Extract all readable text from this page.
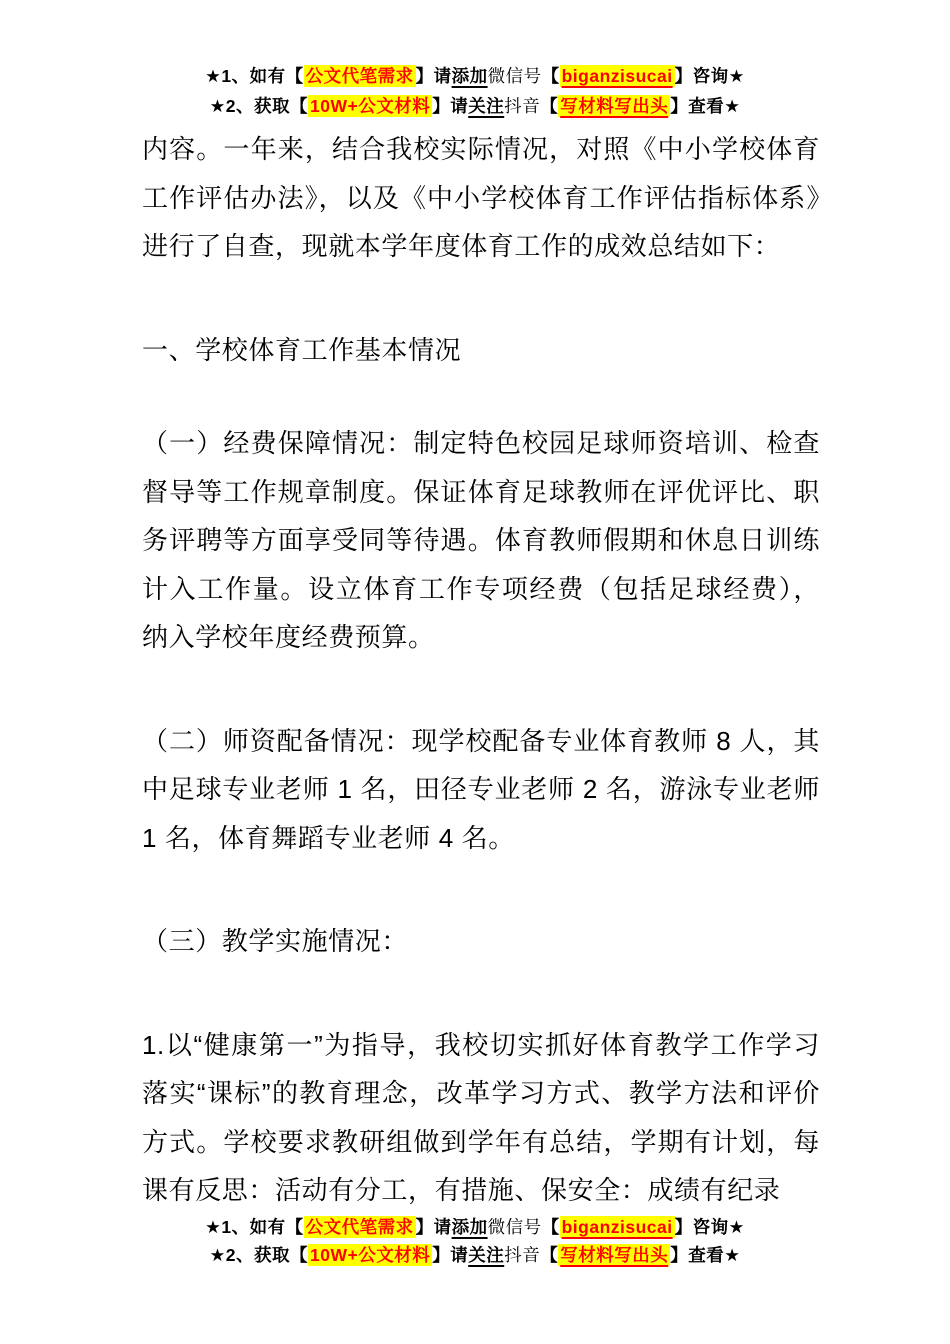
★1、如有【 公文代笔需求 】请添加微信号【 biganzisucai 】咨询★
★2、获取【 10W+公文材料 】请关注抖音【 写材料写出头 】查看★

内容。一年来，结合我校实际情况，对照《中小学校体育工作评估办法》，以及《中小学校体育工作评估指标体系》进行了自查，现就本学年度体育工作的成效总结如下：

一、学校体育工作基本情况

（一）经费保障情况：制定特色校园足球师资培训、检查督导等工作规章制度。保证体育足球教师在评优评比、职务评聘等方面享受同等待遇。体育教师假期和休息日训练计入工作量。设立体育工作专项经费（包括足球经费），纳入学校年度经费预算。

（二）师资配备情况：现学校配备专业体育教师 8 人，其中足球专业老师 1 名，田径专业老师 2 名，游泳专业老师 1 名，体育舞蹈专业老师 4 名。

（三）教学实施情况：

1.以“健康第一”为指导，我校切实抓好体育教学工作学习落实“课标”的教育理念，改革学习方式、教学方法和评价方式。学校要求教研组做到学年有总结，学期有计划，每课有反思：活动有分工，有措施、保安全：成绩有纪录

★1、如有【 公文代笔需求 】请添加微信号【 biganzisucai 】咨询★
★2、获取【 10W+公文材料 】请关注抖音【 写材料写出头 】查看★
